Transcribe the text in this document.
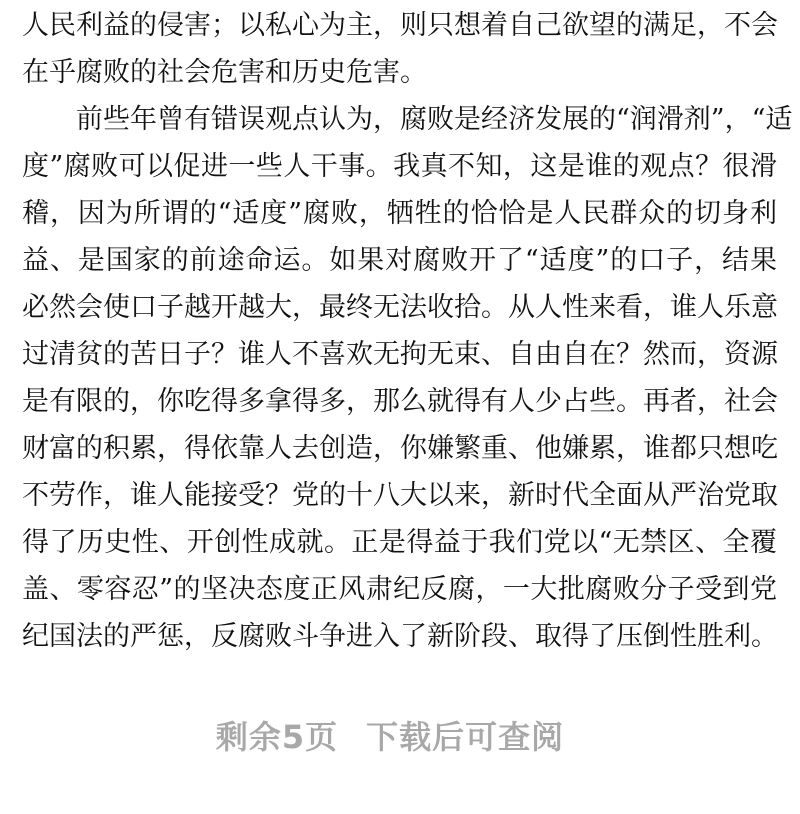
人民利益的侵害；以私心为主，则只想着自己欲望的满足，不会
在乎腐败的社会危害和历史危害。
　　前些年曾有错误观点认为，腐败是经济发展的“润滑剂”，“适
度”腐败可以促进一些人干事。我真不知，这是谁的观点？很滑
稽，因为所谓的“适度”腐败，牺牲的恰恰是人民群众的切身利
益、是国家的前途命运。如果对腐败开了“适度”的口子，结果
必然会使口子越开越大，最终无法收拾。从人性来看，谁人乐意
过清贫的苦日子？谁人不喜欢无拘无束、自由自在？然而，资源
是有限的，你吃得多拿得多，那么就得有人少占些。再者，社会
财富的积累，得依靠人去创造，你嫌繁重、他嫌累，谁都只想吃
不劳作，谁人能接受？党的十八大以来，新时代全面从严治党取
得了历史性、开创性成就。正是得益于我们党以“无禁区、全覆
盖、零容忍”的坚决态度正风肃纪反腐，一大批腐败分子受到党
纪国法的严惩，反腐败斗争进入了新阶段、取得了压倒性胜利。
剩余5页 下载后可查阅
